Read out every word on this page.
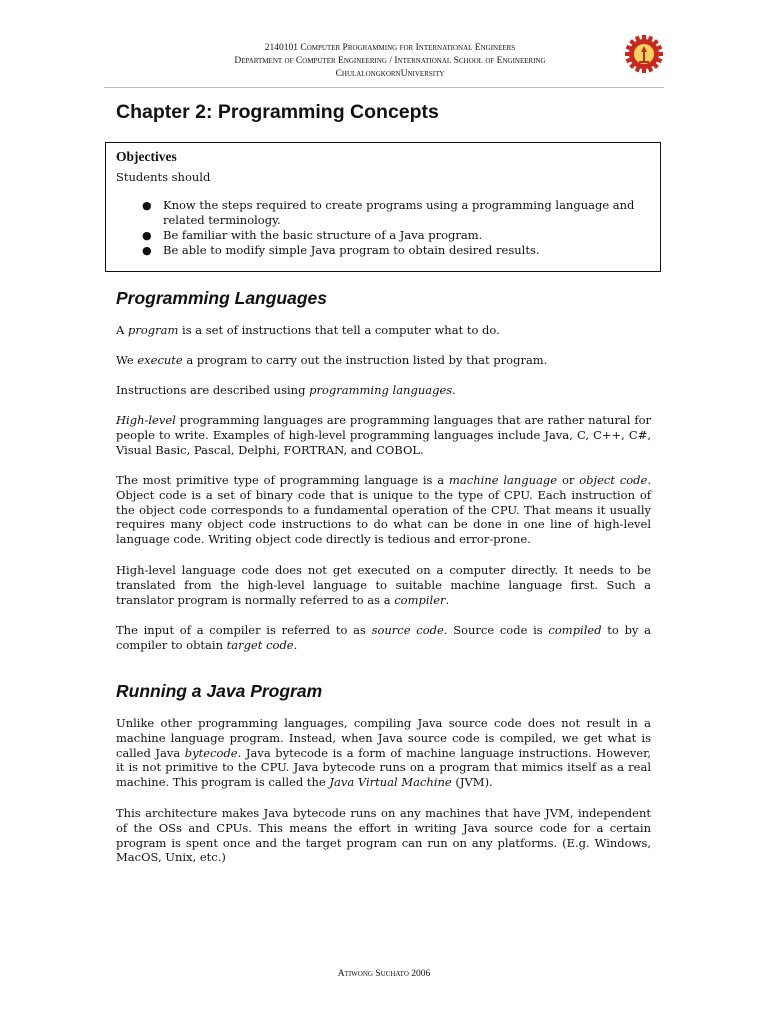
2140101 Computer Programming for International Engineers
Department of Computer Engineering / International School of Engineering
ChulalongkornUniversity
Chapter 2: Programming Concepts
Objectives
Students should
● Know the steps required to create programs using a programming language and related terminology.
● Be familiar with the basic structure of a Java program.
● Be able to modify simple Java program to obtain desired results.
Programming Languages

A program is a set of instructions that tell a computer what to do.

We execute a program to carry out the instruction listed by that program.

Instructions are described using programming languages.

High-level programming languages are programming languages that are rather natural for people to write. Examples of high-level programming languages include Java, C, C++, C#, Visual Basic, Pascal, Delphi, FORTRAN, and COBOL.

The most primitive type of programming language is a machine language or object code. Object code is a set of binary code that is unique to the type of CPU. Each instruction of the object code corresponds to a fundamental operation of the CPU. That means it usually requires many object code instructions to do what can be done in one line of high-level language code. Writing object code directly is tedious and error-prone.

High-level language code does not get executed on a computer directly. It needs to be translated from the high-level language to suitable machine language first. Such a translator program is normally referred to as a compiler.

The input of a compiler is referred to as source code. Source code is compiled to by a compiler to obtain target code.

Running a Java Program

Unlike other programming languages, compiling Java source code does not result in a machine language program. Instead, when Java source code is compiled, we get what is called Java bytecode. Java bytecode is a form of machine language instructions. However, it is not primitive to the CPU. Java bytecode runs on a program that mimics itself as a real machine. This program is called the Java Virtual Machine (JVM).

This architecture makes Java bytecode runs on any machines that have JVM, independent of the OSs and CPUs. This means the effort in writing Java source code for a certain program is spent once and the target program can run on any platforms. (E.g. Windows, MacOS, Unix, etc.)

Atiwong Suchato 2006
